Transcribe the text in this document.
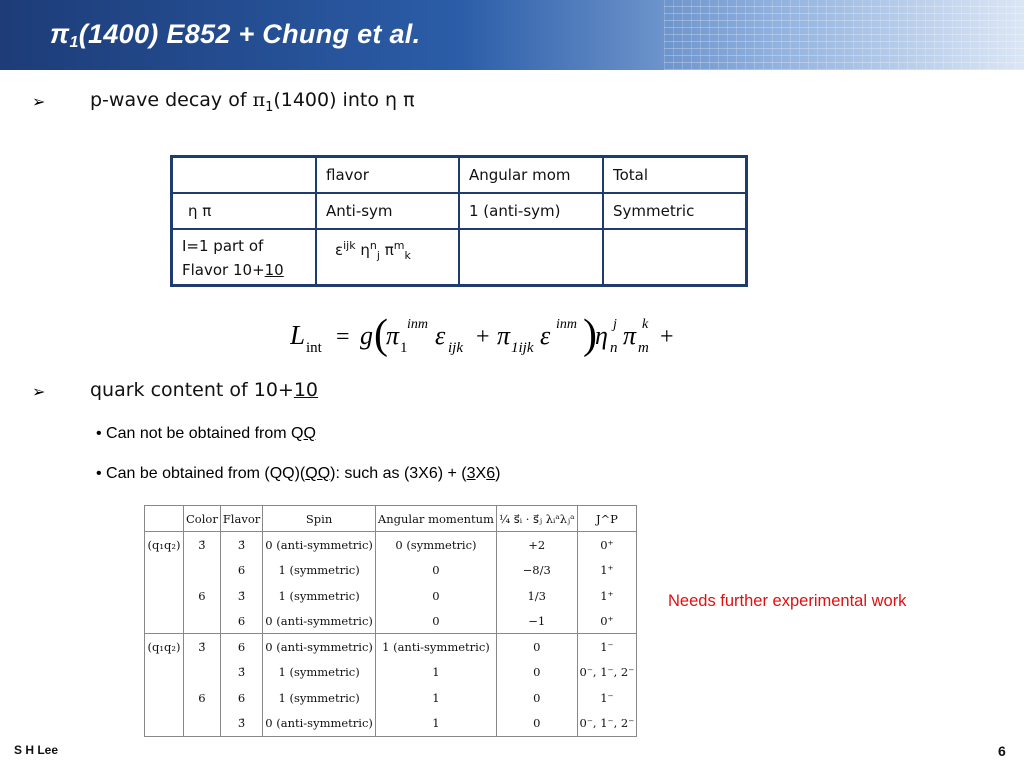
$\pi_1(1400) E852$ + Chung et al.
➢ p-wave decay of $\pi_1(1400)$ into η π
	flavor	Angular mom	Total
η π	Anti-sym	1 (anti-sym)	Symmetric
I=1 part of
Flavor 10+10	$\varepsilon^{ijk}$ $\eta^n_j$ $\pi^m_k$		
L int = g (
π 1
inm ε ijk + π 1ijk ε inm )
η j
n π k
m +
➢ quark content of 10+10
• Can not be obtained from QQ
• Can be obtained from (QQ)(QQ): such as (3X6) + (3X6)
	Color	Flavor	Spin	Angular momentum	¼ s⃗ᵢ · s⃗ⱼ λᵢᵃλⱼᵃ	J^P
(q₁q₂)	3̄	3̄	0 (anti-symmetric)	0 (symmetric)	+2	0⁺
		6	1 (symmetric)	0	−8/3	1⁺
	6	3̄	1 (symmetric)	0	1/3	1⁺
		6	0 (anti-symmetric)	0	−1	0⁺
(q₁q₂)	3̄	6	0 (anti-symmetric)	1 (anti-symmetric)	0	1⁻
		3̄	1 (symmetric)	1	0	0⁻, 1⁻, 2⁻
	6	6	1 (symmetric)	1	0	1⁻
		3̄	0 (anti-symmetric)	1	0	0⁻, 1⁻, 2⁻
Needs further experimental work
S H Lee	6
